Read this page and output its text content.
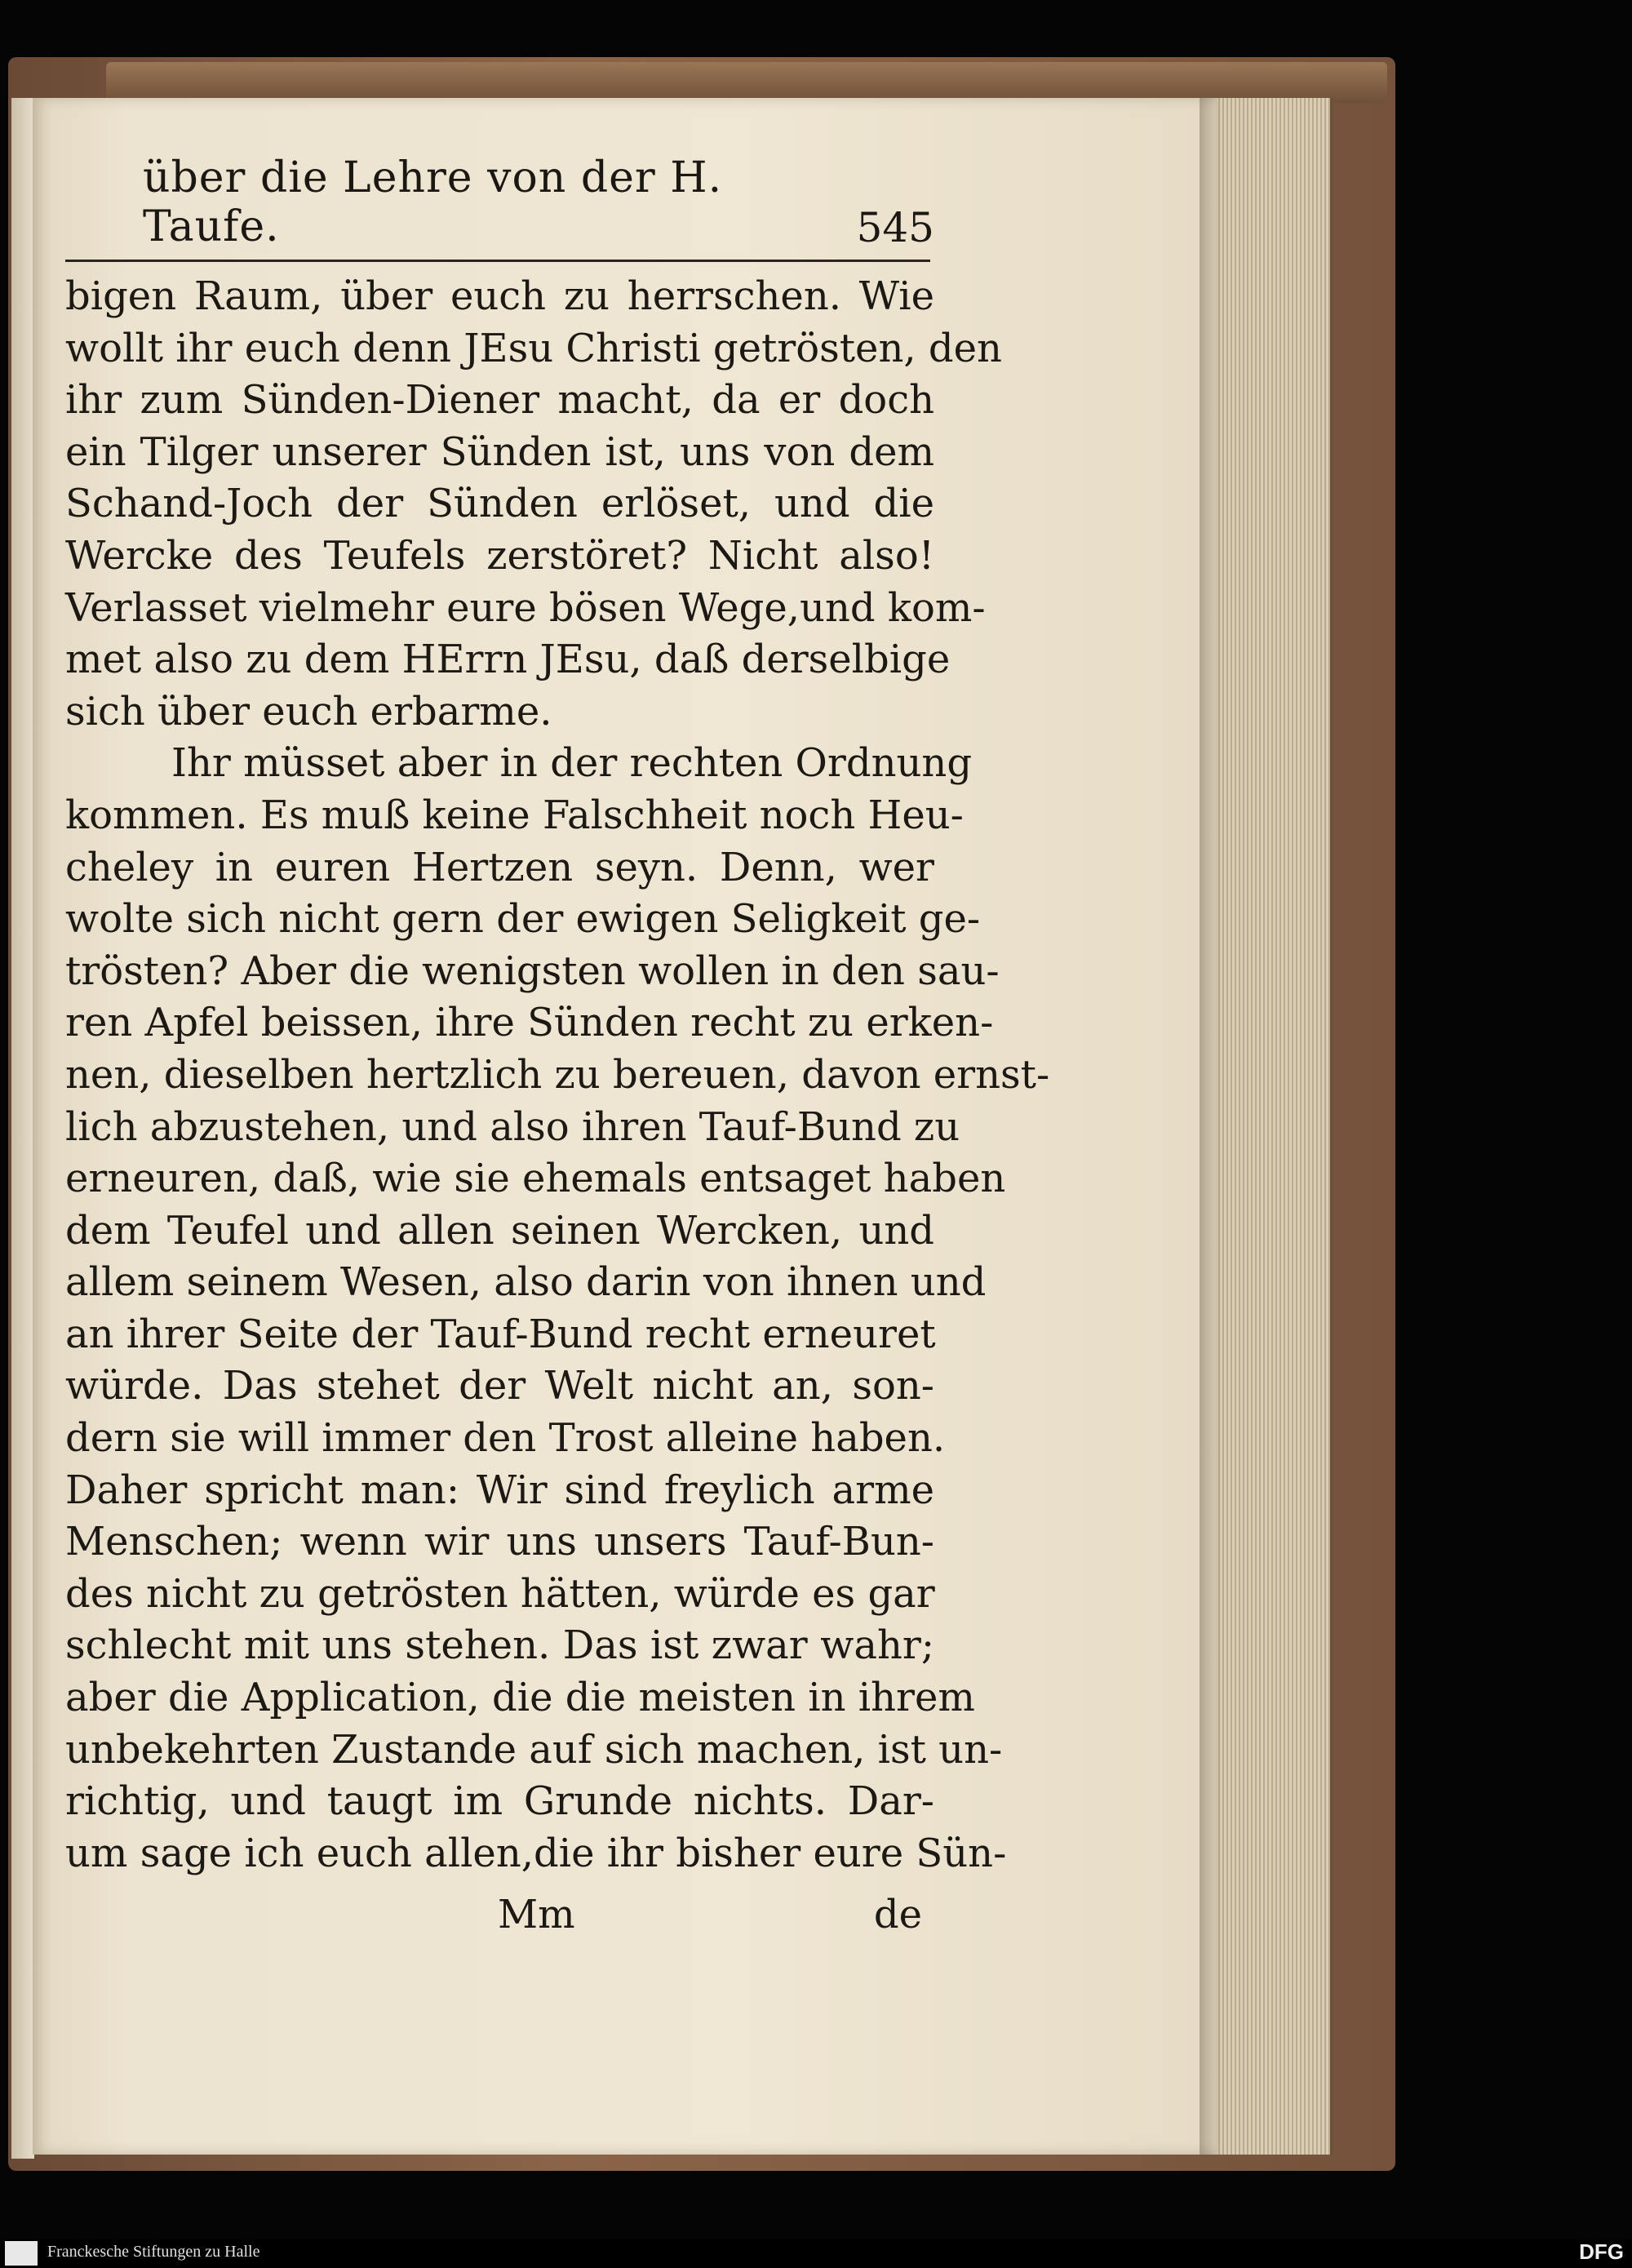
über die Lehre von der H. Taufe.	545
bigen Raum, über euch zu herrschen. Wie
wollt ihr euch denn JEsu Christi getrösten, den
ihr zum Sünden-Diener macht, da er doch
ein Tilger unserer Sünden ist, uns von dem
Schand-Joch der Sünden erlöset, und die
Wercke des Teufels zerstöret? Nicht also!
Verlasset vielmehr eure bösen Wege,und kom-
met also zu dem HErrn JEsu, daß derselbige
sich über euch erbarme.
Ihr müsset aber in der rechten Ordnung
kommen. Es muß keine Falschheit noch Heu-
cheley in euren Hertzen seyn. Denn, wer
wolte sich nicht gern der ewigen Seligkeit ge-
trösten? Aber die wenigsten wollen in den sau-
ren Apfel beissen, ihre Sünden recht zu erken-
nen, dieselben hertzlich zu bereuen, davon ernst-
lich abzustehen, und also ihren Tauf-Bund zu
erneuren, daß, wie sie ehemals entsaget haben
dem Teufel und allen seinen Wercken, und
allem seinem Wesen, also darin von ihnen und
an ihrer Seite der Tauf-Bund recht erneuret
würde. Das stehet der Welt nicht an, son-
dern sie will immer den Trost alleine haben.
Daher spricht man: Wir sind freylich arme
Menschen; wenn wir uns unsers Tauf-Bun-
des nicht zu getrösten hätten, würde es gar
schlecht mit uns stehen. Das ist zwar wahr;
aber die Application, die die meisten in ihrem
unbekehrten Zustande auf sich machen, ist un-
richtig, und taugt im Grunde nichts. Dar-
um sage ich euch allen,die ihr bisher eure Sün-
Mm	de
Franckesche Stiftungen zu Halle	DFG
